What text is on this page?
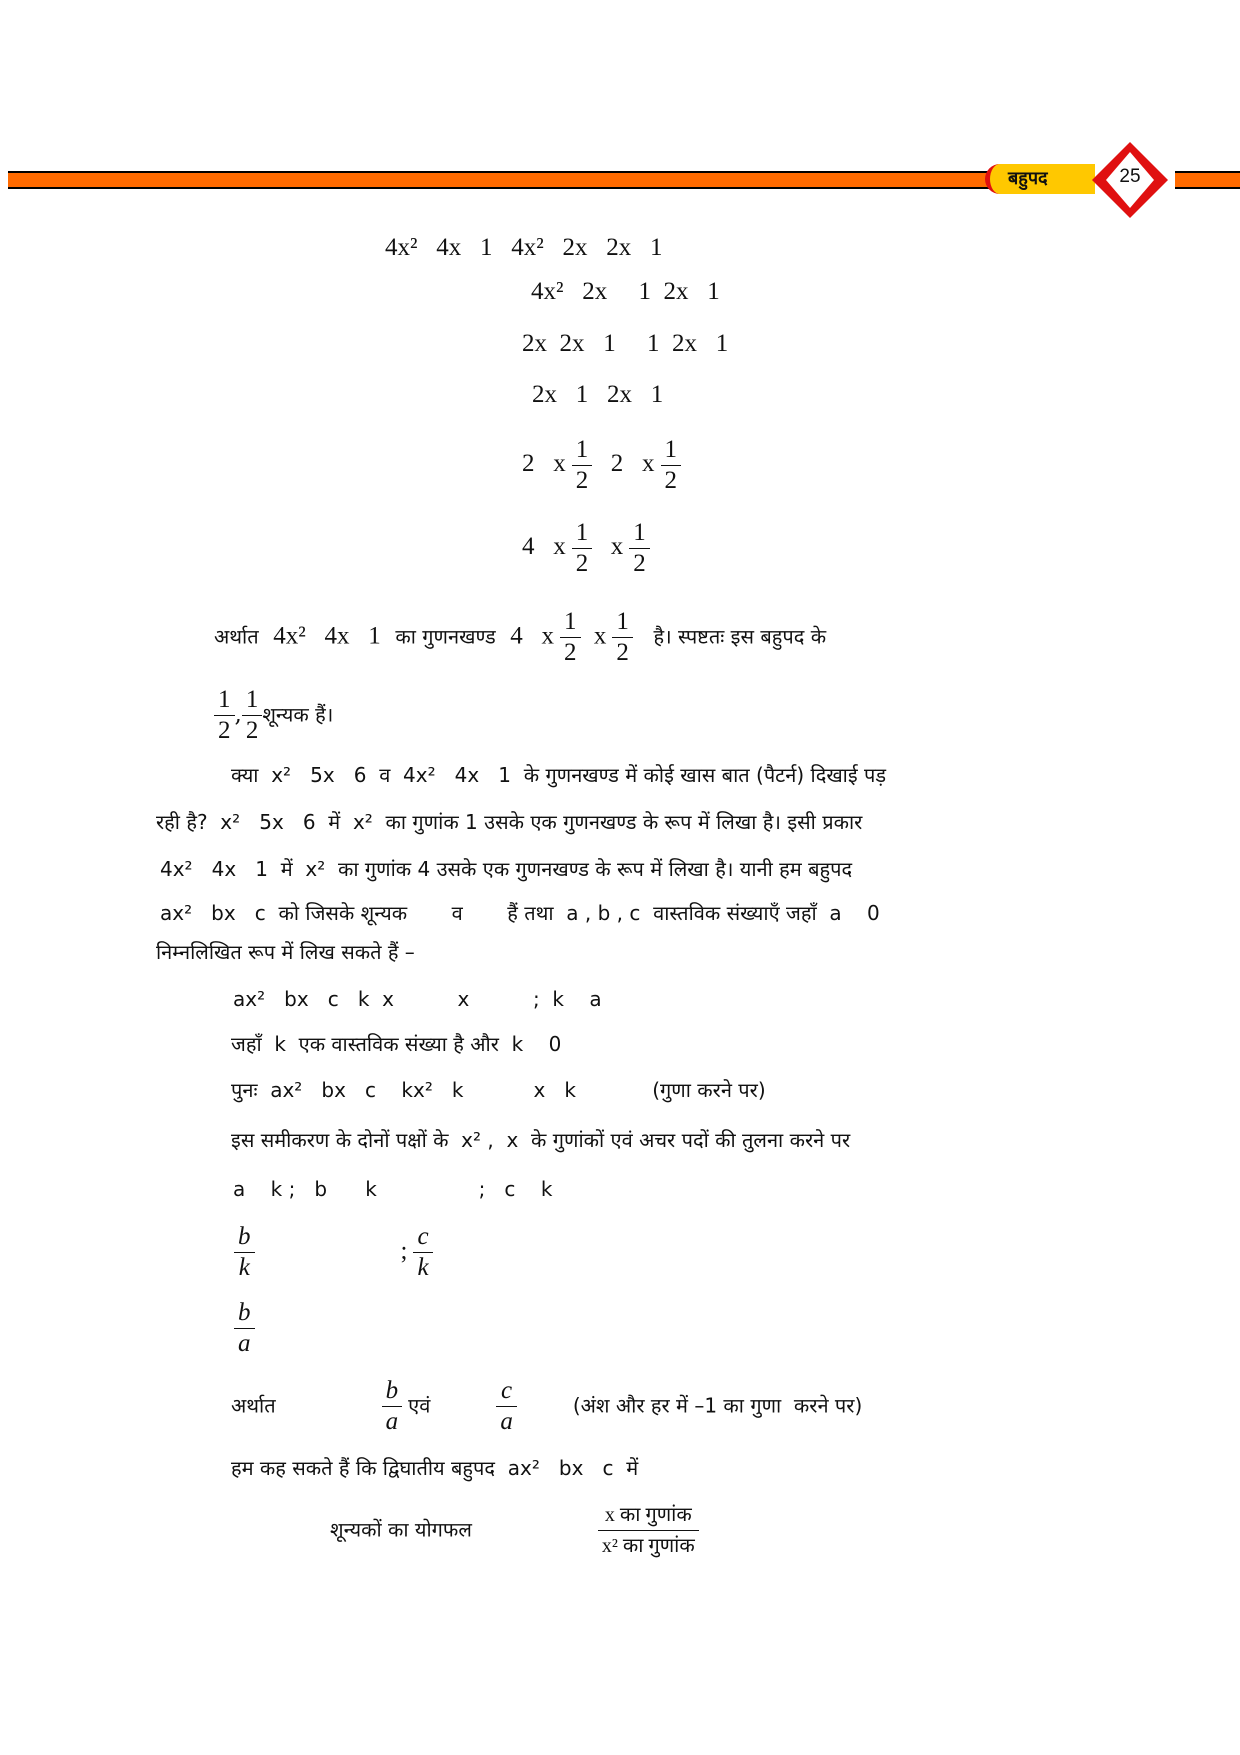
बहुपद	25
4x²   4x   1   4x²   2x   2x   1
4x²   2x     1  2x   1
2x  2x   1     1  2x   1
2x   1   2x   1
2   x $\frac{1}{2} 2$   x $\frac{1}{2}$
4   x $\frac{1}{2}$ x $\frac{1}{2}$
अर्थात 4x²   4x   1 का गुणनखण्ड 4   x $\frac{1}{2}$ x $\frac{1}{2}$ है। स्पष्टतः इस बहुपद के
$\frac{1}{2}$ , $\frac{1}{2}$ शून्यक हैं।
क्या  x²   5x   6  व  4x²   4x   1  के गुणनखण्ड में कोई खास बात (पैटर्न) दिखाई पड़
रही है?  x²   5x   6  में  x²  का गुणांक 1 उसके एक गुणनखण्ड के रूप में लिखा है। इसी प्रकार
4x²   4x   1  में  x²  का गुणांक 4 उसके एक गुणनखण्ड के रूप में लिखा है। यानी हम बहुपद
ax²   bx   c  को जिसके शून्यक       व       हैं तथा  a , b , c  वास्तविक संख्याएँ जहाँ  a    0
निम्नलिखित रूप में लिख सकते हैं –
ax²   bx   c   k  x          x          ;  k    a
जहाँ  k  एक वास्तविक संख्या है और  k    0
पुनः  ax²   bx   c    kx²   k           x   k            (गुणा करने पर)
इस समीकरण के दोनों पक्षों के  x² ,  x  के गुणांकों एवं अचर पदों की तुलना करने पर
a    k ;   b      k                ;   c    k
$\frac{b}{k}$	; $\frac{c}{k}$
$\frac{b}{a}$
अर्थात	$\frac{b}{a}$ एवं	$\frac{c}{a}$	(अंश और हर में –1 का गुणा  करने पर)
हम कह सकते हैं कि द्विघातीय बहुपद  ax²   bx   c  में
शून्यकों का योगफल	$\frac{\text{x का गुणांक}}{\text{x² का गुणांक}}$
